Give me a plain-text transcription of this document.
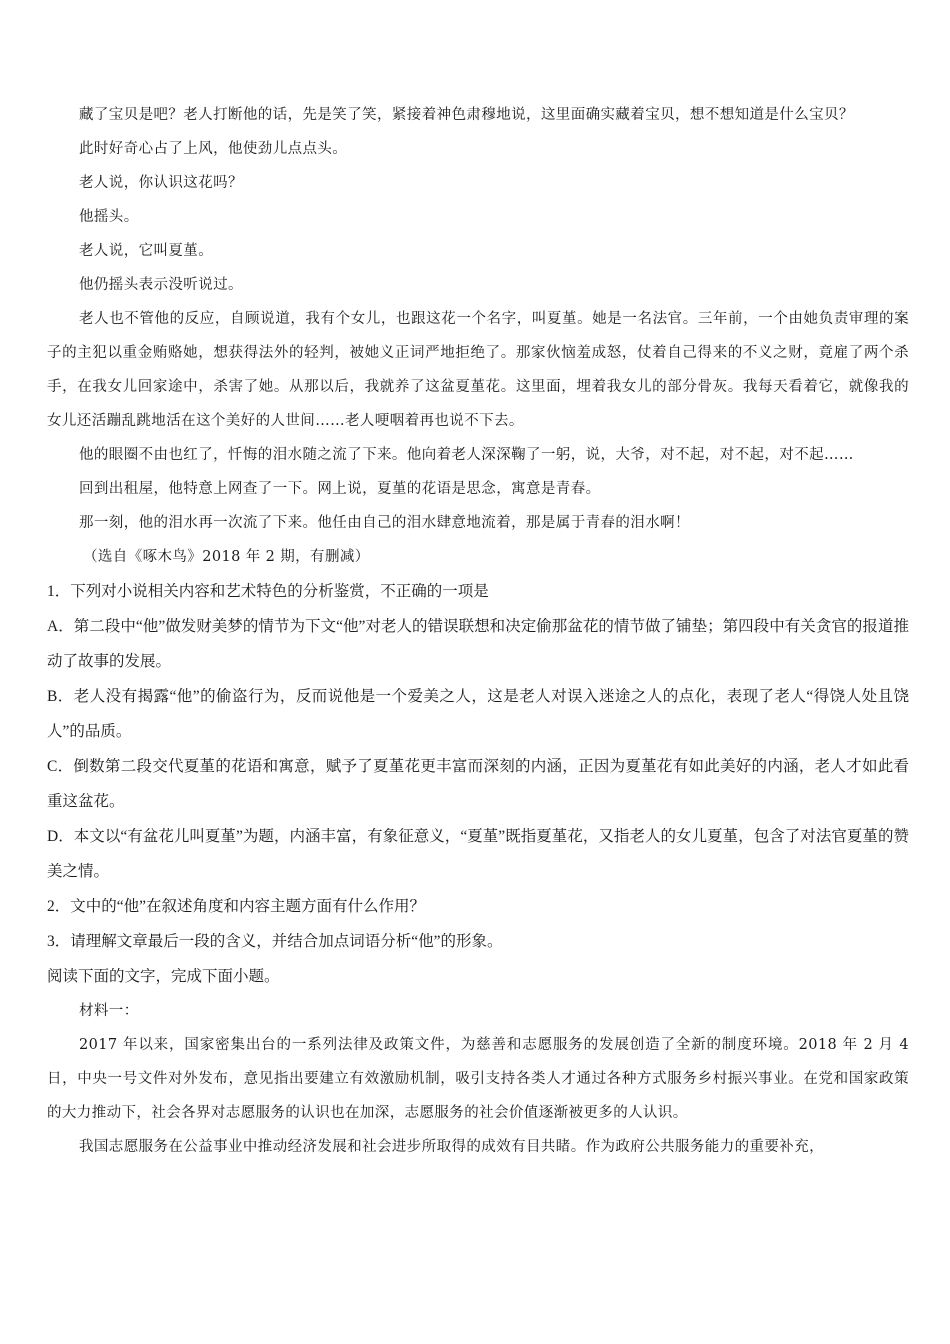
藏了宝贝是吧？老人打断他的话，先是笑了笑，紧接着神色肃穆地说，这里面确实藏着宝贝，想不想知道是什么宝贝？

此时好奇心占了上风，他使劲儿点点头。

老人说，你认识这花吗？

他摇头。

老人说，它叫夏堇。

他仍摇头表示没听说过。

老人也不管他的反应，自顾说道，我有个女儿，也跟这花一个名字，叫夏堇。她是一名法官。三年前，一个由她负责审理的案子的主犯以重金贿赂她，想获得法外的轻判，被她义正词严地拒绝了。那家伙恼羞成怒，仗着自己得来的不义之财，竟雇了两个杀手，在我女儿回家途中，杀害了她。从那以后，我就养了这盆夏堇花。这里面，埋着我女儿的部分骨灰。我每天看着它，就像我的女儿还活蹦乱跳地活在这个美好的人世间……老人哽咽着再也说不下去。

他的眼圈不由也红了，忏悔的泪水随之流了下来。他向着老人深深鞠了一躬，说，大爷，对不起，对不起，对不起……

回到出租屋，他特意上网查了一下。网上说，夏堇的花语是思念，寓意是青春。

那一刻，他的泪水再一次流了下来。他任由自己的泪水肆意地流着，那是属于青春的泪水啊！

（选自《啄木鸟》2018 年 2 期，有删减）

1．下列对小说相关内容和艺术特色的分析鉴赏，不正确的一项是

A．第二段中“他”做发财美梦的情节为下文“他”对老人的错误联想和决定偷那盆花的情节做了铺垫；第四段中有关贪官的报道推动了故事的发展。

B．老人没有揭露“他”的偷盗行为，反而说他是一个爱美之人，这是老人对误入迷途之人的点化，表现了老人“得饶人处且饶人”的品质。

C．倒数第二段交代夏堇的花语和寓意，赋予了夏堇花更丰富而深刻的内涵，正因为夏堇花有如此美好的内涵，老人才如此看重这盆花。

D．本文以“有盆花儿叫夏堇”为题，内涵丰富，有象征意义，“夏堇”既指夏堇花，又指老人的女儿夏堇，包含了对法官夏堇的赞美之情。

2．文中的“他”在叙述角度和内容主题方面有什么作用？

3．请理解文章最后一段的含义，并结合加点词语分析“他”的形象。

阅读下面的文字，完成下面小题。

材料一：

2017 年以来，国家密集出台的一系列法律及政策文件，为慈善和志愿服务的发展创造了全新的制度环境。2018 年 2 月 4 日，中央一号文件对外发布，意见指出要建立有效激励机制，吸引支持各类人才通过各种方式服务乡村振兴事业。在党和国家政策的大力推动下，社会各界对志愿服务的认识也在加深，志愿服务的社会价值逐渐被更多的人认识。

我国志愿服务在公益事业中推动经济发展和社会进步所取得的成效有目共睹。作为政府公共服务能力的重要补充，
